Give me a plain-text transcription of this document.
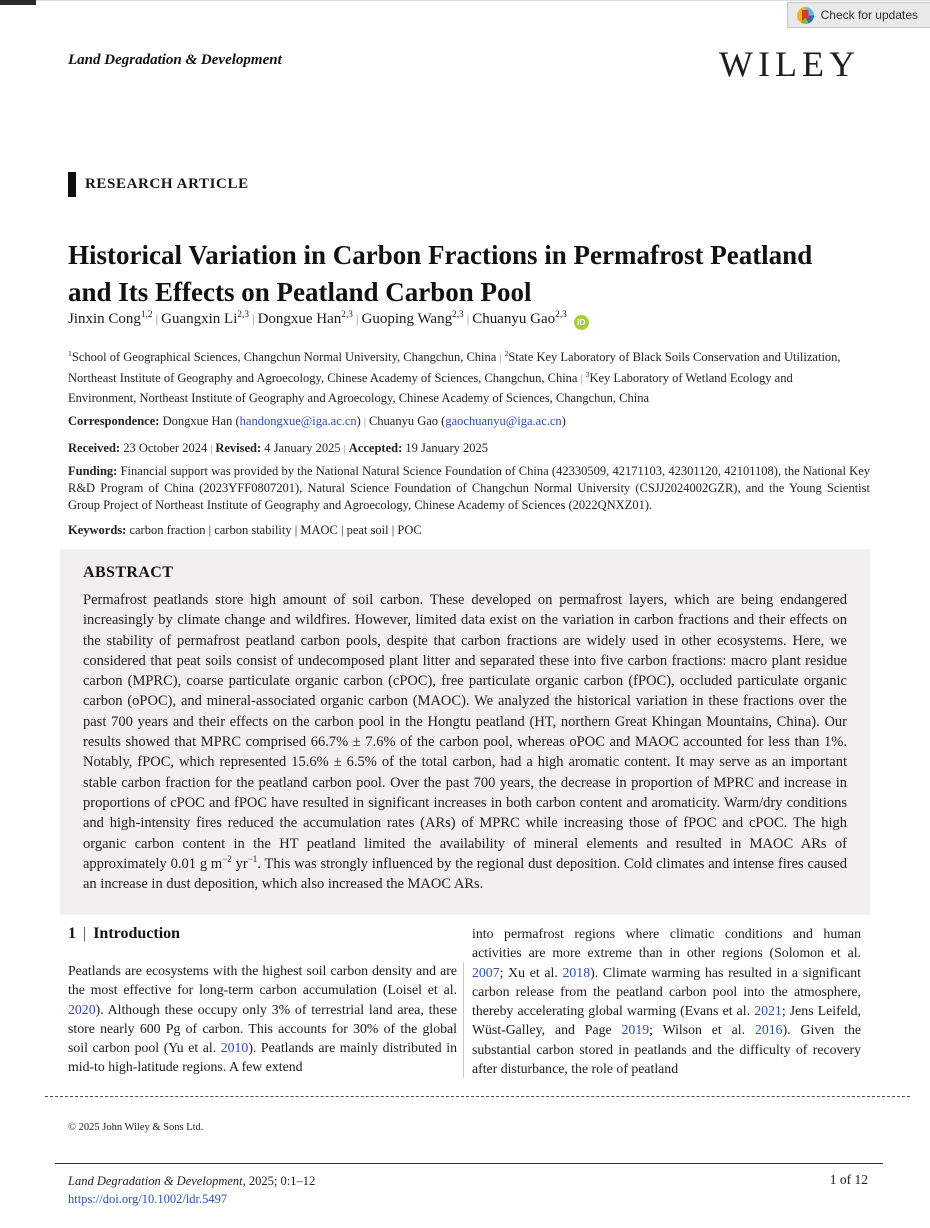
Check for updates
Land Degradation & Development	WILEY
RESEARCH ARTICLE
Historical Variation in Carbon Fractions in Permafrost Peatland and Its Effects on Peatland Carbon Pool
Jinxin Cong$^{1,2}$ | Guangxin Li$^{2,3}$ | Dongxue Han$^{2,3}$ | Guoping Wang$^{2,3}$ | Chuanyu Gao$^{2,3}$iD
$^1$School of Geographical Sciences, Changchun Normal University, Changchun, China | $^2$State Key Laboratory of Black Soils Conservation and Utilization, Northeast Institute of Geography and Agroecology, Chinese Academy of Sciences, Changchun, China | $^3$Key Laboratory of Wetland Ecology and Environment, Northeast Institute of Geography and Agroecology, Chinese Academy of Sciences, Changchun, China
Correspondence: Dongxue Han (handongxue@iga.ac.cn) | Chuanyu Gao (gaochuanyu@iga.ac.cn)
Received: 23 October 2024 | Revised: 4 January 2025 | Accepted: 19 January 2025
Funding: Financial support was provided by the National Natural Science Foundation of China (42330509, 42171103, 42301120, 42101108), the National Key R&D Program of China (2023YFF0807201), Natural Science Foundation of Changchun Normal University (CSJJ2024002GZR), and the Young Scientist Group Project of Northeast Institute of Geography and Agroecology, Chinese Academy of Sciences (2022QNXZ01).
Keywords: carbon fraction | carbon stability | MAOC | peat soil | POC
ABSTRACT
Permafrost peatlands store high amount of soil carbon. These developed on permafrost layers, which are being endangered increasingly by climate change and wildfires. However, limited data exist on the variation in carbon fractions and their effects on the stability of permafrost peatland carbon pools, despite that carbon fractions are widely used in other ecosystems. Here, we considered that peat soils consist of undecomposed plant litter and separated these into five carbon fractions: macro plant residue carbon (MPRC), coarse particulate organic carbon (cPOC), free particulate organic carbon (fPOC), occluded particulate organic carbon (oPOC), and mineral-associated organic carbon (MAOC). We analyzed the historical variation in these fractions over the past 700 years and their effects on the carbon pool in the Hongtu peatland (HT, northern Great Khingan Mountains, China). Our results showed that MPRC comprised 66.7% ± 7.6% of the carbon pool, whereas oPOC and MAOC accounted for less than 1%. Notably, fPOC, which represented 15.6% ± 6.5% of the total carbon, had a high aromatic content. It may serve as an important stable carbon fraction for the peatland carbon pool. Over the past 700 years, the decrease in proportion of MPRC and increase in proportions of cPOC and fPOC have resulted in significant increases in both carbon content and aromaticity. Warm/dry conditions and high-intensity fires reduced the accumulation rates (ARs) of MPRC while increasing those of fPOC and cPOC. The high organic carbon content in the HT peatland limited the availability of mineral elements and resulted in MAOC ARs of approximately 0.01 g $m^{-2}$ $yr^{-1}$. This was strongly influenced by the regional dust deposition. Cold climates and intense fires caused an increase in dust deposition, which also increased the MAOC ARs.
1 | Introduction
Peatlands are ecosystems with the highest soil carbon density and are the most effective for long-term carbon accumulation (Loisel et al. 2020). Although these occupy only 3% of terrestrial land area, these store nearly 600 Pg of carbon. This accounts for 30% of the global soil carbon pool (Yu et al. 2010). Peatlands are mainly distributed in mid-to high-latitude regions. A few extend
into permafrost regions where climatic conditions and human activities are more extreme than in other regions (Solomon et al. 2007; Xu et al. 2018). Climate warming has resulted in a significant carbon release from the peatland carbon pool into the atmosphere, thereby accelerating global warming (Evans et al. 2021; Jens Leifeld, Wüst-Galley, and Page 2019; Wilson et al. 2016). Given the substantial carbon stored in peatlands and the difficulty of recovery after disturbance, the role of peatland
© 2025 John Wiley & Sons Ltd.
Land Degradation & Development, 2025; 0:1–12
https://doi.org/10.1002/ldr.5497
1 of 12
